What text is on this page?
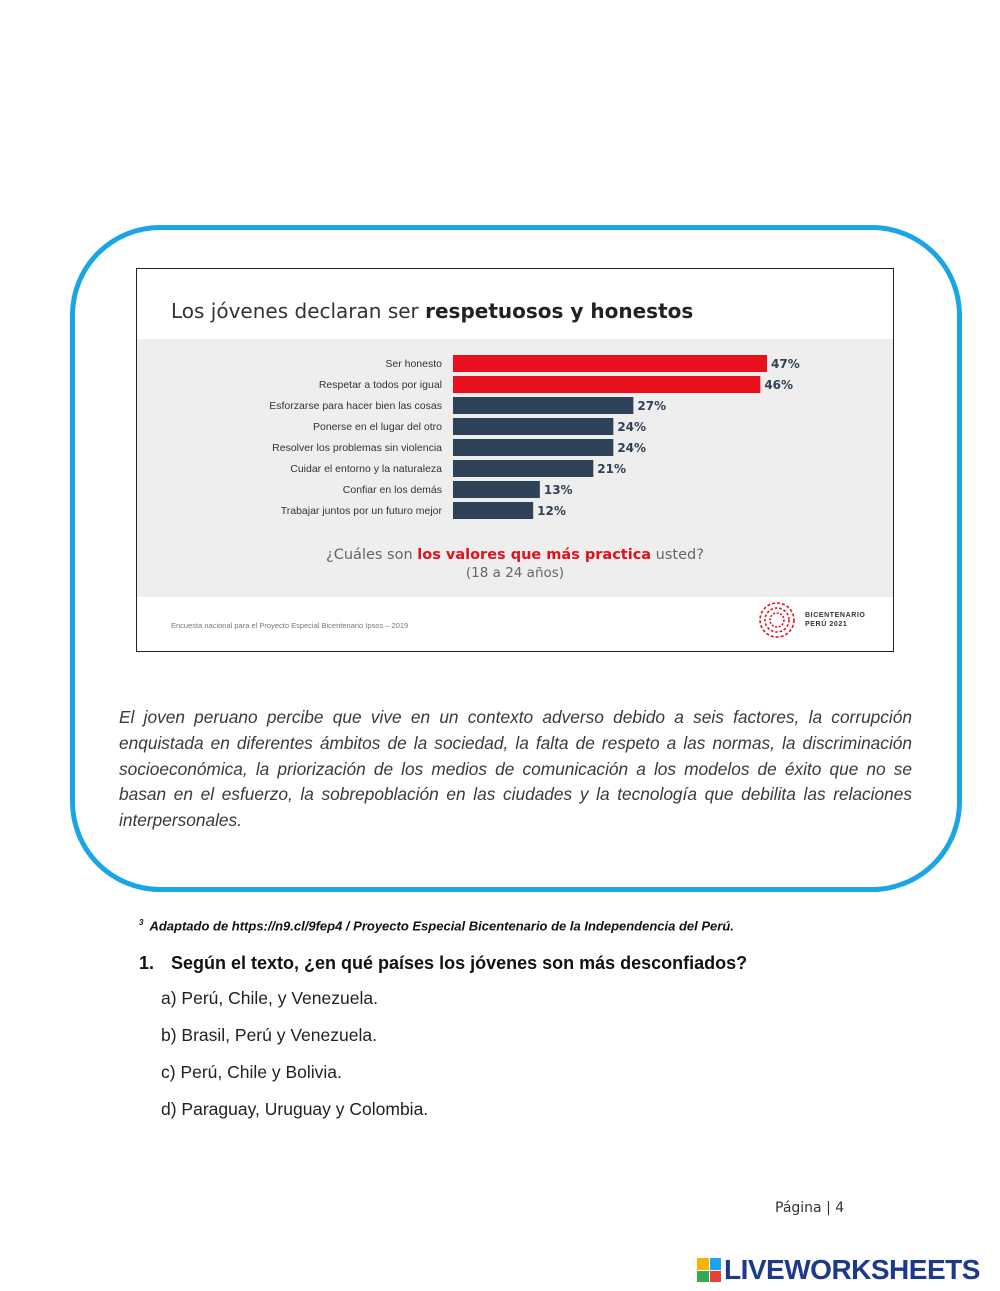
Los jóvenes declaran ser respetuosos y honestos
Ser honesto	47%
Respetar a todos por igual	46%
Esforzarse para hacer bien las cosas	27%
Ponerse en el lugar del otro	24%
Resolver los problemas sin violencia	24%
Cuidar el entorno y la naturaleza	21%
Confiar en los demás	13%
Trabajar juntos por un futuro mejor	12%
¿Cuáles son los valores que más practica usted?
(18 a 24 años)
Encuesta nacional para el Proyecto Especial Bicentenario Ipsos – 2019
BICENTENARIO
PERÚ 2021

El joven peruano percibe que vive en un contexto adverso debido a seis factores, la corrupción enquistada en diferentes ámbitos de la sociedad, la falta de respeto a las normas, la discriminación socioeconómica, la priorización de los medios de comunicación a los modelos de éxito que no se basan en el esfuerzo, la sobrepoblación en las ciudades y la tecnología que debilita las relaciones interpersonales.

$^3$ Adaptado de https://n9.cl/9fep4 / Proyecto Especial Bicentenario de la Independencia del Perú.
1. Según el texto, ¿en qué países los jóvenes son más desconfiados?
a) Perú, Chile, y Venezuela.
b) Brasil, Perú y Venezuela.
c) Perú, Chile y Bolivia.
d) Paraguay, Uruguay y Colombia.
Página | 4
LIVEWORKSHEETS
